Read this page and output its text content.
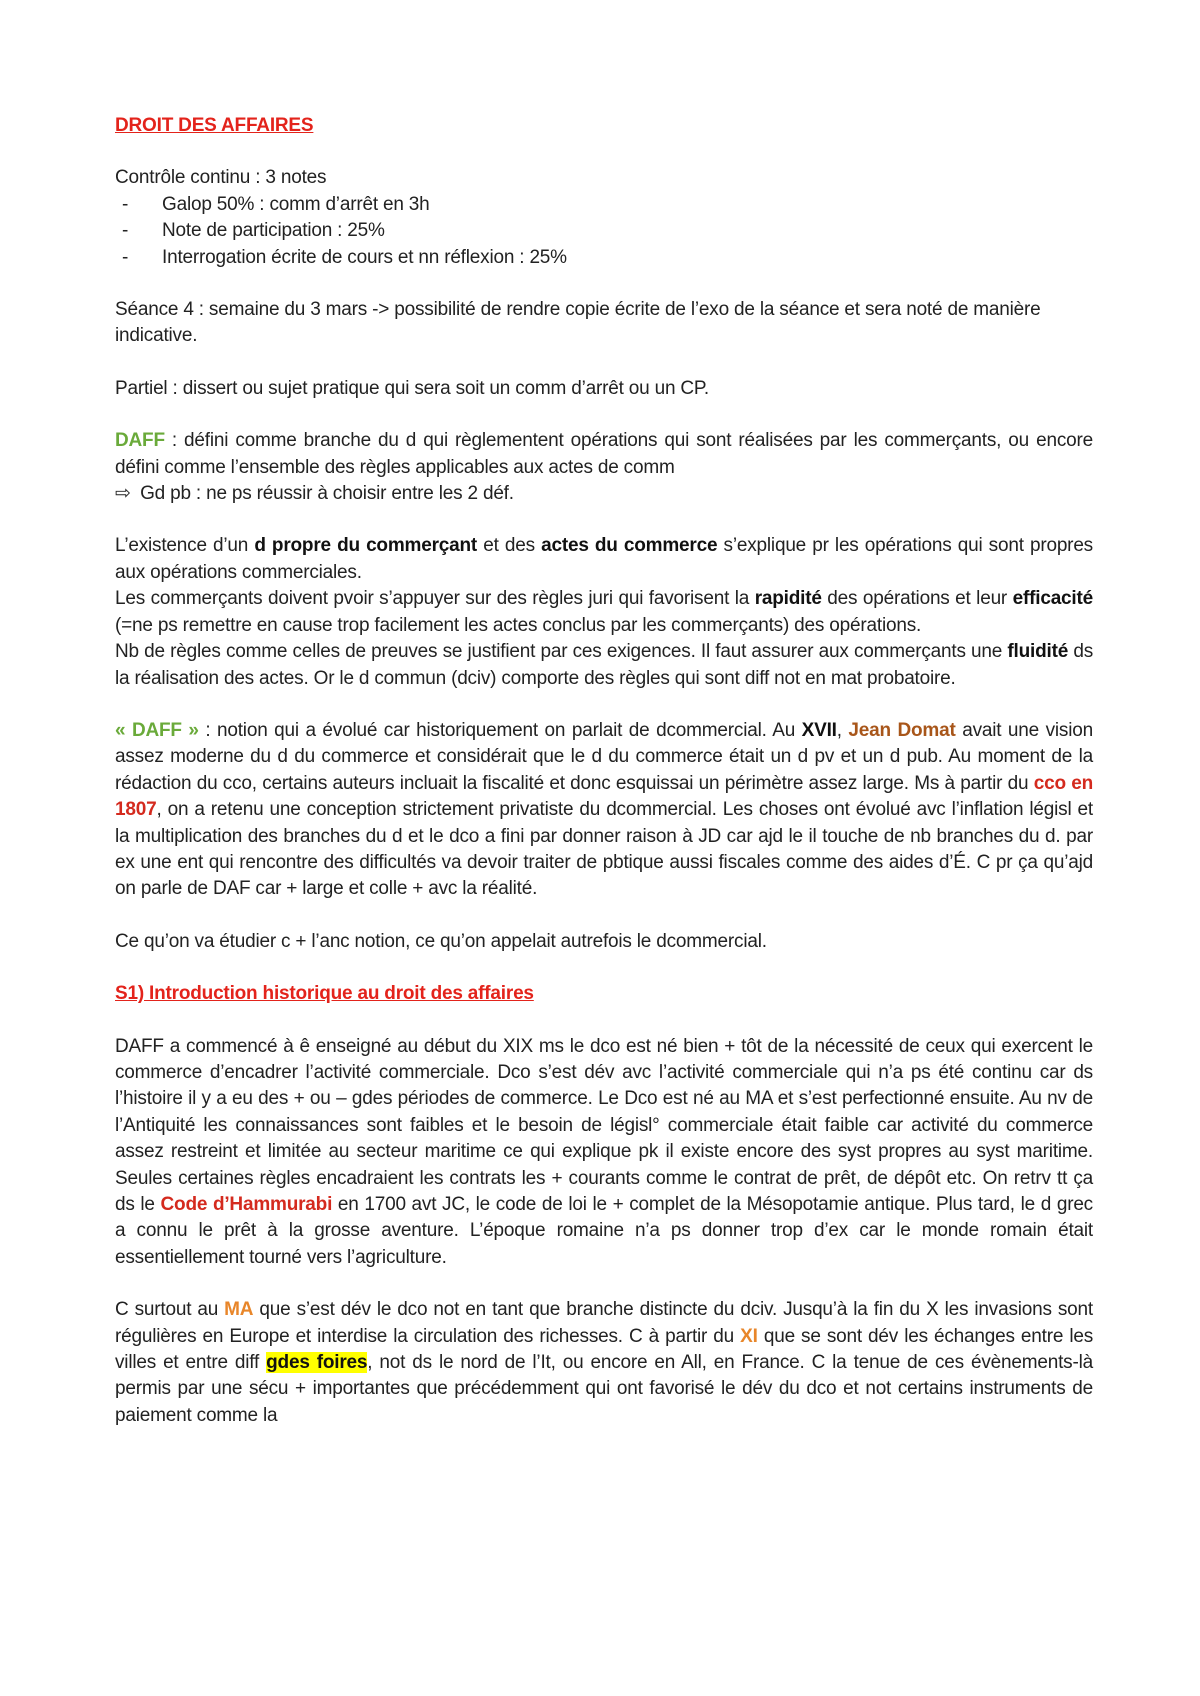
DROIT DES AFFAIRES

Contrôle continu : 3 notes

- Galop 50% : comm d’arrêt en 3h
- Note de participation : 25%
- Interrogation écrite de cours et nn réflexion : 25%

Séance 4 : semaine du 3 mars -> possibilité de rendre copie écrite de l’exo de la séance et sera noté de manière indicative.

Partiel : dissert ou sujet pratique qui sera soit un comm d’arrêt ou un CP.

DAFF : défini comme branche du d qui règlementent opérations qui sont réalisées par les commerçants, ou encore défini comme l’ensemble des règles applicables aux actes de comm
⇨ Gd pb : ne ps réussir à choisir entre les 2 déf.

L’existence d’un d propre du commerçant et des actes du commerce s’explique pr les opérations qui sont propres aux opérations commerciales.

Les commerçants doivent pvoir s’appuyer sur des règles juri qui favorisent la rapidité des opérations et leur efficacité (=ne ps remettre en cause trop facilement les actes conclus par les commerçants) des opérations.

Nb de règles comme celles de preuves se justifient par ces exigences. Il faut assurer aux commerçants une fluidité ds la réalisation des actes. Or le d commun (dciv) comporte des règles qui sont diff not en mat probatoire.

« DAFF » : notion qui a évolué car historiquement on parlait de dcommercial. Au XVII, Jean Domat avait une vision assez moderne du d du commerce et considérait que le d du commerce était un d pv et un d pub. Au moment de la rédaction du cco, certains auteurs incluait la fiscalité et donc esquissai un périmètre assez large. Ms à partir du cco en 1807, on a retenu une conception strictement privatiste du dcommercial. Les choses ont évolué avc l’inflation législ et la multiplication des branches du d et le dco a fini par donner raison à JD car ajd le il touche de nb branches du d. par ex une ent qui rencontre des difficultés va devoir traiter de pbtique aussi fiscales comme des aides d’É. C pr ça qu’ajd on parle de DAF car + large et colle + avc la réalité.

Ce qu’on va étudier c + l’anc notion, ce qu’on appelait autrefois le dcommercial.

S1) Introduction historique au droit des affaires

DAFF a commencé à ê enseigné au début du XIX ms le dco est né bien + tôt de la nécessité de ceux qui exercent le commerce d’encadrer l’activité commerciale. Dco s’est dév avc l’activité commerciale qui n’a ps été continu car ds l’histoire il y a eu des + ou – gdes périodes de commerce. Le Dco est né au MA et s’est perfectionné ensuite. Au nv de l’Antiquité les connaissances sont faibles et le besoin de législ° commerciale était faible car activité du commerce assez restreint et limitée au secteur maritime ce qui explique pk il existe encore des syst propres au syst maritime. Seules certaines règles encadraient les contrats les + courants comme le contrat de prêt, de dépôt etc. On retrv tt ça ds le Code d’Hammurabi en 1700 avt JC, le code de loi le + complet de la Mésopotamie antique. Plus tard, le d grec a connu le prêt à la grosse aventure. L’époque romaine n’a ps donner trop d’ex car le monde romain était essentiellement tourné vers l’agriculture.

C surtout au MA que s’est dév le dco not en tant que branche distincte du dciv. Jusqu’à la fin du X les invasions sont régulières en Europe et interdise la circulation des richesses. C à partir du XI que se sont dév les échanges entre les villes et entre diff gdes foires, not ds le nord de l’It, ou encore en All, en France. C la tenue de ces évènements-là permis par une sécu + importantes que précédemment qui ont favorisé le dév du dco et not certains instruments de paiement comme la
